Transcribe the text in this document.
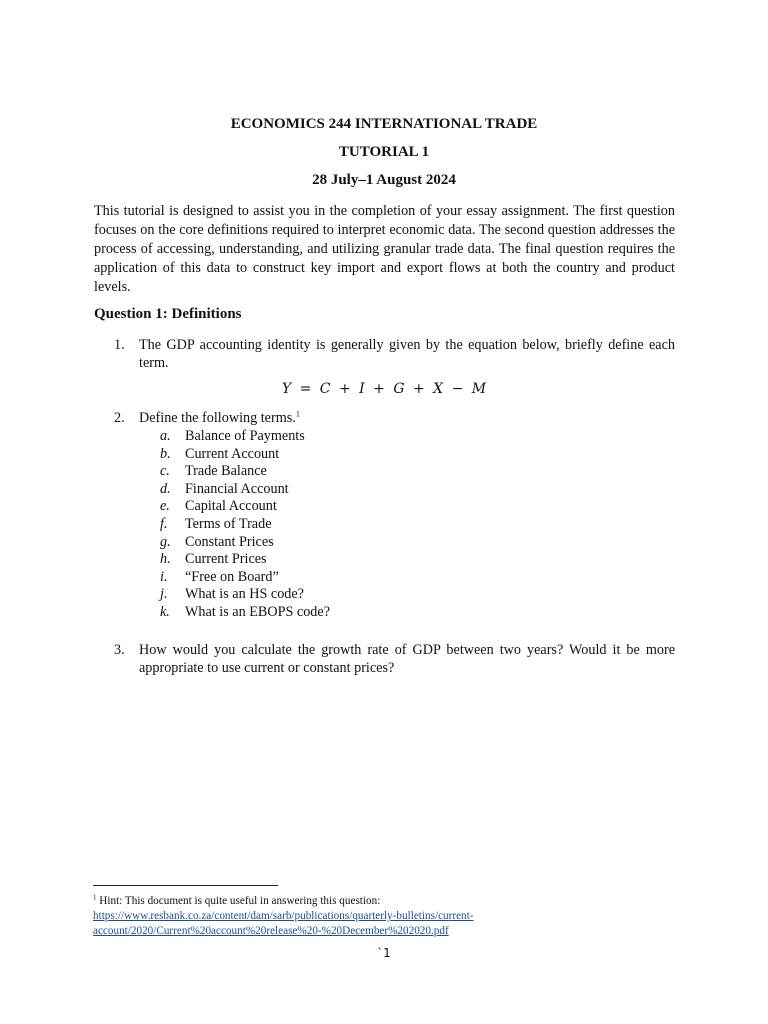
ECONOMICS 244 INTERNATIONAL TRADE
TUTORIAL 1
28 July–1 August 2024
This tutorial is designed to assist you in the completion of your essay assignment. The first question focuses on the core definitions required to interpret economic data. The second question addresses the process of accessing, understanding, and utilizing granular trade data. The final question requires the application of this data to construct key import and export flows at both the country and product levels.
Question 1: Definitions
1. The GDP accounting identity is generally given by the equation below, briefly define each term.
Y = C + I + G + X − M
2. Define the following terms.$^1$
a. Balance of Payments
b. Current Account
c. Trade Balance
d. Financial Account
e. Capital Account
f. Terms of Trade
g. Constant Prices
h. Current Prices
i. “Free on Board”
j. What is an HS code?
k. What is an EBOPS code?
3. How would you calculate the growth rate of GDP between two years? Would it be more appropriate to use current or constant prices?
$^1$ Hint: This document is quite useful in answering this question:
https://www.resbank.co.za/content/dam/sarb/publications/quarterly-bulletins/current-
account/2020/Current%20account%20release%20-%20December%202020.pdf
`1
